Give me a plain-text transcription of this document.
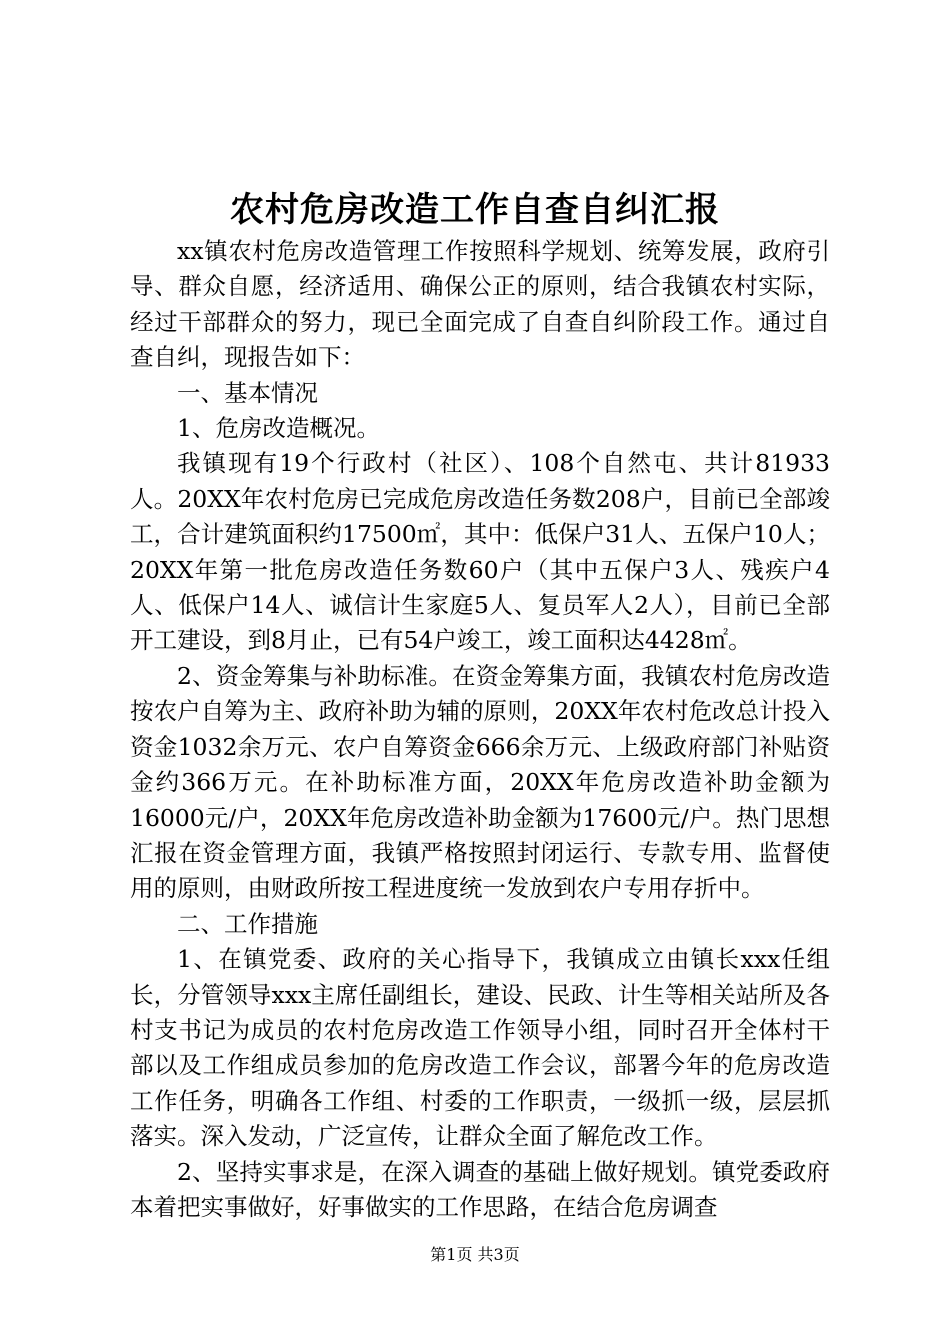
农村危房改造工作自查自纠汇报

xx镇农村危房改造管理工作按照科学规划、统筹发展，政府引导、群众自愿，经济适用、确保公正的原则，结合我镇农村实际，经过干部群众的努力，现已全面完成了自查自纠阶段工作。通过自查自纠，现报告如下：

一、基本情况

1、危房改造概况。

我镇现有19个行政村（社区）、108个自然屯、共计81933人。20XX年农村危房已完成危房改造任务数208户，目前已全部竣工，合计建筑面积约17500㎡，其中：低保户31人、五保户10人；20XX年第一批危房改造任务数60户（其中五保户3人、残疾户4人、低保户14人、诚信计生家庭5人、复员军人2人），目前已全部开工建设，到8月止，已有54户竣工，竣工面积达4428㎡。

2、资金筹集与补助标准。在资金筹集方面，我镇农村危房改造按农户自筹为主、政府补助为辅的原则，20XX年农村危改总计投入资金1032余万元、农户自筹资金666余万元、上级政府部门补贴资金约366万元。在补助标准方面，20XX年危房改造补助金额为16000元/户，20XX年危房改造补助金额为17600元/户。热门思想汇报在资金管理方面，我镇严格按照封闭运行、专款专用、监督使用的原则，由财政所按工程进度统一发放到农户专用存折中。

二、工作措施

1、在镇党委、政府的关心指导下，我镇成立由镇长xxx任组长，分管领导xxx主席任副组长，建设、民政、计生等相关站所及各村支书记为成员的农村危房改造工作领导小组，同时召开全体村干部以及工作组成员参加的危房改造工作会议，部署今年的危房改造工作任务，明确各工作组、村委的工作职责，一级抓一级，层层抓落实。深入发动，广泛宣传，让群众全面了解危改工作。

2、坚持实事求是，在深入调查的基础上做好规划。镇党委政府本着把实事做好，好事做实的工作思路，在结合危房调查

第1页 共3页
